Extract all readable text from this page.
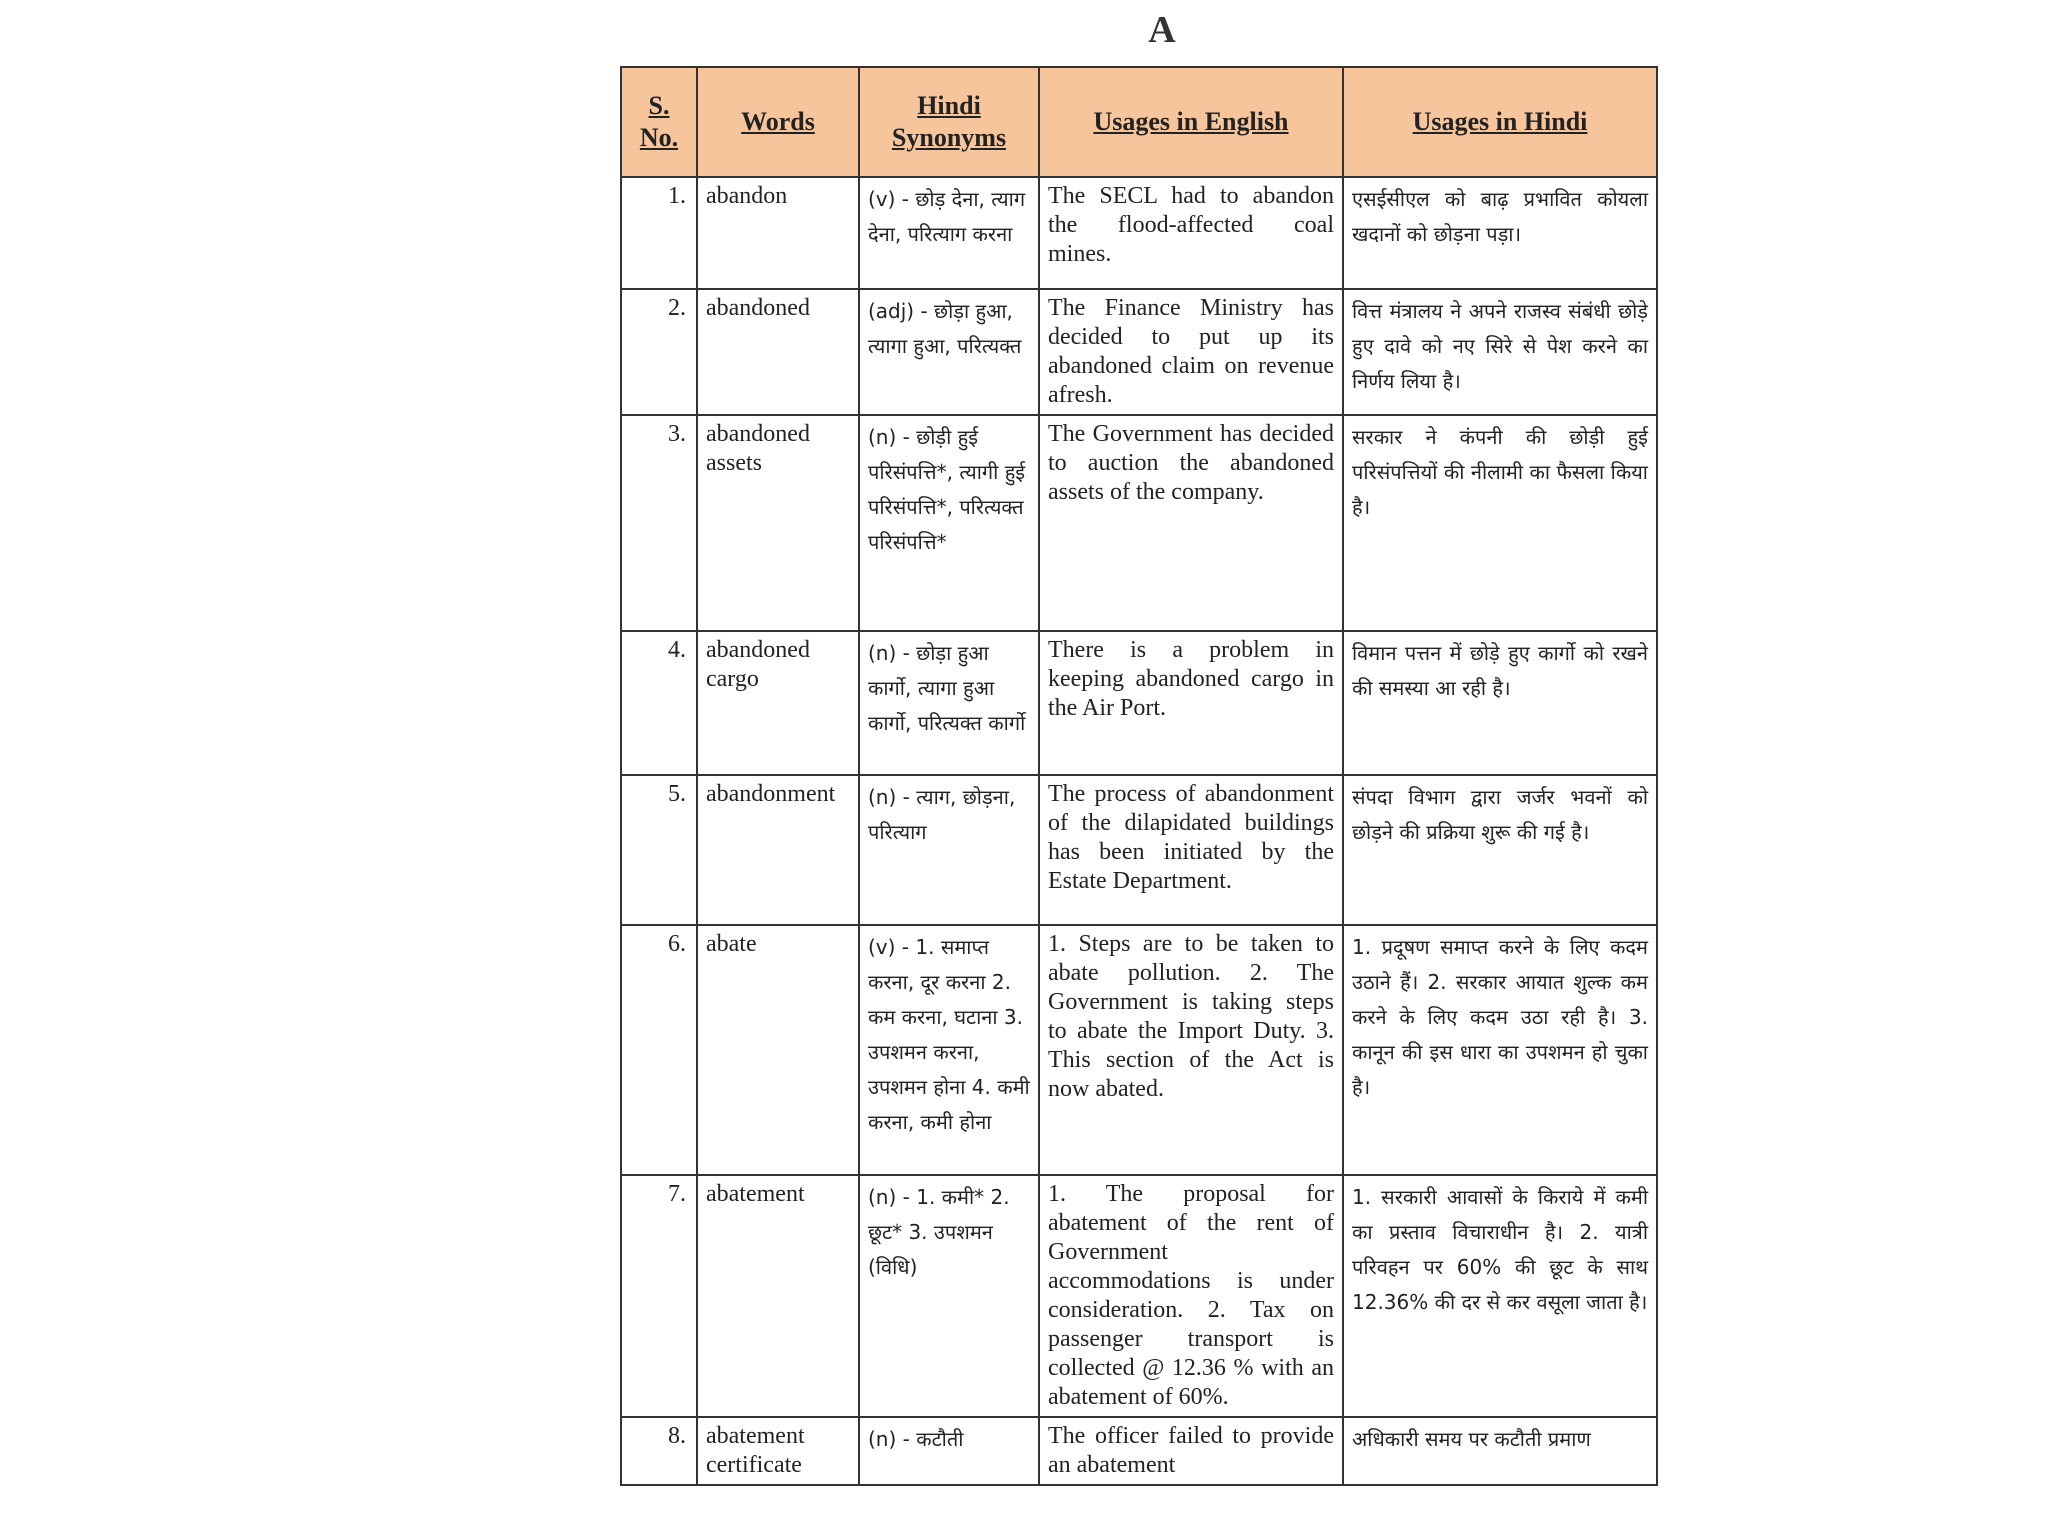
A
S. No.	Words	Hindi Synonyms	Usages in English	Usages in Hindi
1.	abandon	(v) - छोड़ देना, त्याग देना, परित्याग करना	The SECL had to abandon the flood-affected coal mines.	एसईसीएल को बाढ़ प्रभावित कोयला खदानों को छोड़ना पड़ा।
2.	abandoned	(adj) - छोड़ा हुआ, त्यागा हुआ, परित्यक्त	The Finance Ministry has decided to put up its abandoned claim on revenue afresh.	वित्त मंत्रालय ने अपने राजस्व संबंधी छोड़े हुए दावे को नए सिरे से पेश करने का निर्णय लिया है।
3.	abandoned assets	(n) - छोड़ी हुई परिसंपत्ति*, त्यागी हुई परिसंपत्ति*, परित्यक्त परिसंपत्ति*	The Government has decided to auction the abandoned assets of the company.	सरकार ने कंपनी की छोड़ी हुई परिसंपत्तियों की नीलामी का फैसला किया है।
4.	abandoned cargo	(n) - छोड़ा हुआ कार्गो, त्यागा हुआ कार्गो, परित्यक्त कार्गो	There is a problem in keeping abandoned cargo in the Air Port.	विमान पत्तन में छोड़े हुए कार्गो को रखने की समस्या आ रही है।
5.	abandonment	(n) - त्याग, छोड़ना, परित्याग	The process of abandonment of the dilapidated buildings has been initiated by the Estate Department.	संपदा विभाग द्वारा जर्जर भवनों को छोड़ने की प्रक्रिया शुरू की गई है।
6.	abate	(v) - 1. समाप्त करना, दूर करना 2. कम करना, घटाना 3. उपशमन करना, उपशमन होना 4. कमी करना, कमी होना	1. Steps are to be taken to abate pollution. 2. The Government is taking steps to abate the Import Duty. 3. This section of the Act is now abated.	1. प्रदूषण समाप्त करने के लिए कदम उठाने हैं। 2. सरकार आयात शुल्क कम करने के लिए कदम उठा रही है। 3. कानून की इस धारा का उपशमन हो चुका है।
7.	abatement	(n) - 1. कमी* 2. छूट* 3. उपशमन (विधि)	1. The proposal for abatement of the rent of Government accommodations is under consideration. 2. Tax on passenger transport is collected @ 12.36 % with an abatement of 60%.	1. सरकारी आवासों के किराये में कमी का प्रस्ताव विचाराधीन है। 2. यात्री परिवहन पर 60% की छूट के साथ 12.36% की दर से कर वसूला जाता है।
8.	abatement certificate	(n) - कटौती	The officer failed to provide an abatement	अधिकारी समय पर कटौती प्रमाण
